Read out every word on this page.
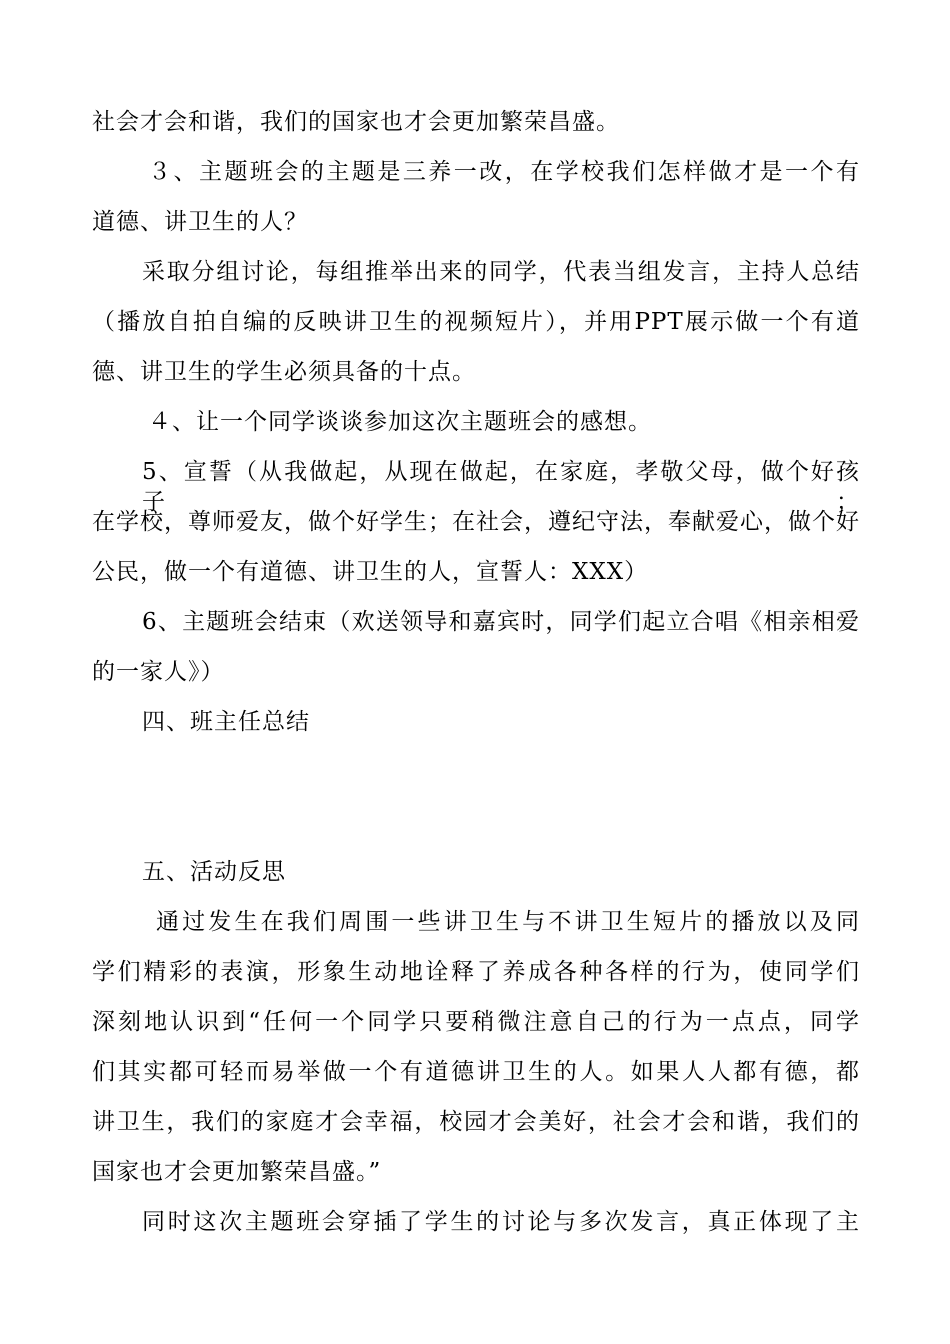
社会才会和谐，我们的国家也才会更加繁荣昌盛。
３、主题班会的主题是三养一改，在学校我们怎样做才是一个有
道德、讲卫生的人？
采取分组讨论，每组推举出来的同学，代表当组发言，主持人总结
（播放自拍自编的反映讲卫生的视频短片），并用PPT展示做一个有道
德、讲卫生的学生必须具备的十点。
４、让一个同学谈谈参加这次主题班会的感想。
5、宣誓（从我做起，从现在做起，在家庭，孝敬父母，做个好孩子；
在学校，尊师爱友，做个好学生；在社会，遵纪守法，奉献爱心，做个好
公民，做一个有道德、讲卫生的人，宣誓人：XXX）
6、主题班会结束（欢送领导和嘉宾时，同学们起立合唱《相亲相爱
的一家人》）
四、班主任总结
五、活动反思
通过发生在我们周围一些讲卫生与不讲卫生短片的播放以及同
学们精彩的表演，形象生动地诠释了养成各种各样的行为，使同学们
深刻地认识到“任何一个同学只要稍微注意自己的行为一点点，同学
们其实都可轻而易举做一个有道德讲卫生的人。如果人人都有德，都
讲卫生，我们的家庭才会幸福，校园才会美好，社会才会和谐，我们的
国家也才会更加繁荣昌盛。”
同时这次主题班会穿插了学生的讨论与多次发言，真正体现了主
